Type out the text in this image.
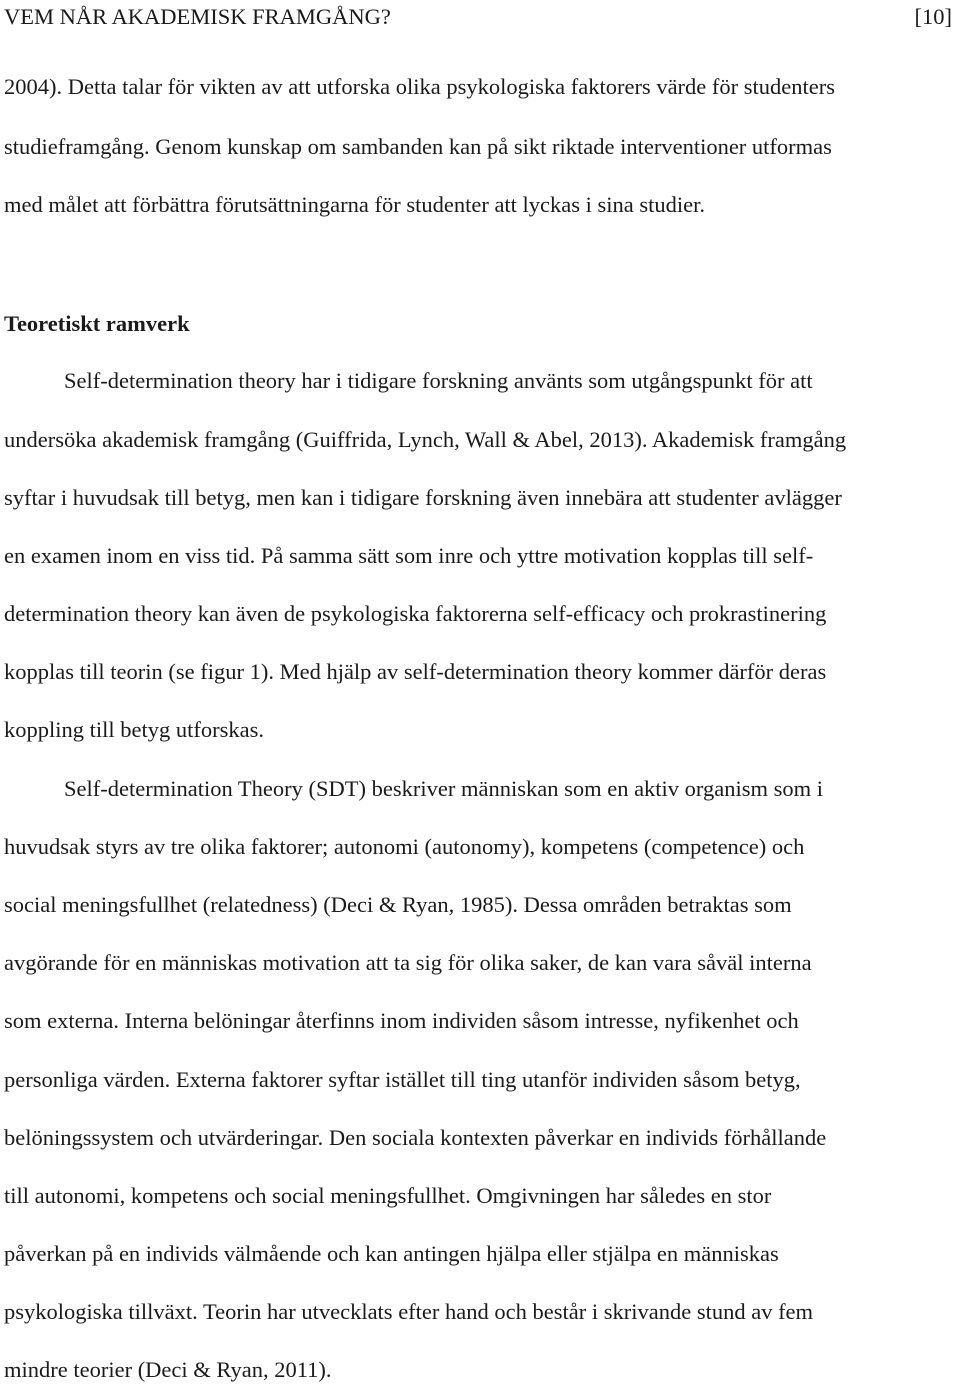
VEM NÅR AKADEMISK FRAMGÅNG?	[10]
2004). Detta talar för vikten av att utforska olika psykologiska faktorers värde för studenters
studieframgång. Genom kunskap om sambanden kan på sikt riktade interventioner utformas
med målet att förbättra förutsättningarna för studenter att lyckas i sina studier.
Teoretiskt ramverk
Self-determination theory har i tidigare forskning använts som utgångspunkt för att
undersöka akademisk framgång (Guiffrida, Lynch, Wall & Abel, 2013). Akademisk framgång
syftar i huvudsak till betyg, men kan i tidigare forskning även innebära att studenter avlägger
en examen inom en viss tid. På samma sätt som inre och yttre motivation kopplas till self-
determination theory kan även de psykologiska faktorerna self-efficacy och prokrastinering
kopplas till teorin (se figur 1). Med hjälp av self-determination theory kommer därför deras
koppling till betyg utforskas.
Self-determination Theory (SDT) beskriver människan som en aktiv organism som i
huvudsak styrs av tre olika faktorer; autonomi (autonomy), kompetens (competence) och
social meningsfullhet (relatedness) (Deci & Ryan, 1985). Dessa områden betraktas som
avgörande för en människas motivation att ta sig för olika saker, de kan vara såväl interna
som externa. Interna belöningar återfinns inom individen såsom intresse, nyfikenhet och
personliga värden. Externa faktorer syftar istället till ting utanför individen såsom betyg,
belöningssystem och utvärderingar. Den sociala kontexten påverkar en individs förhållande
till autonomi, kompetens och social meningsfullhet. Omgivningen har således en stor
påverkan på en individs välmående och kan antingen hjälpa eller stjälpa en människas
psykologiska tillväxt. Teorin har utvecklats efter hand och består i skrivande stund av fem
mindre teorier (Deci & Ryan, 2011).
